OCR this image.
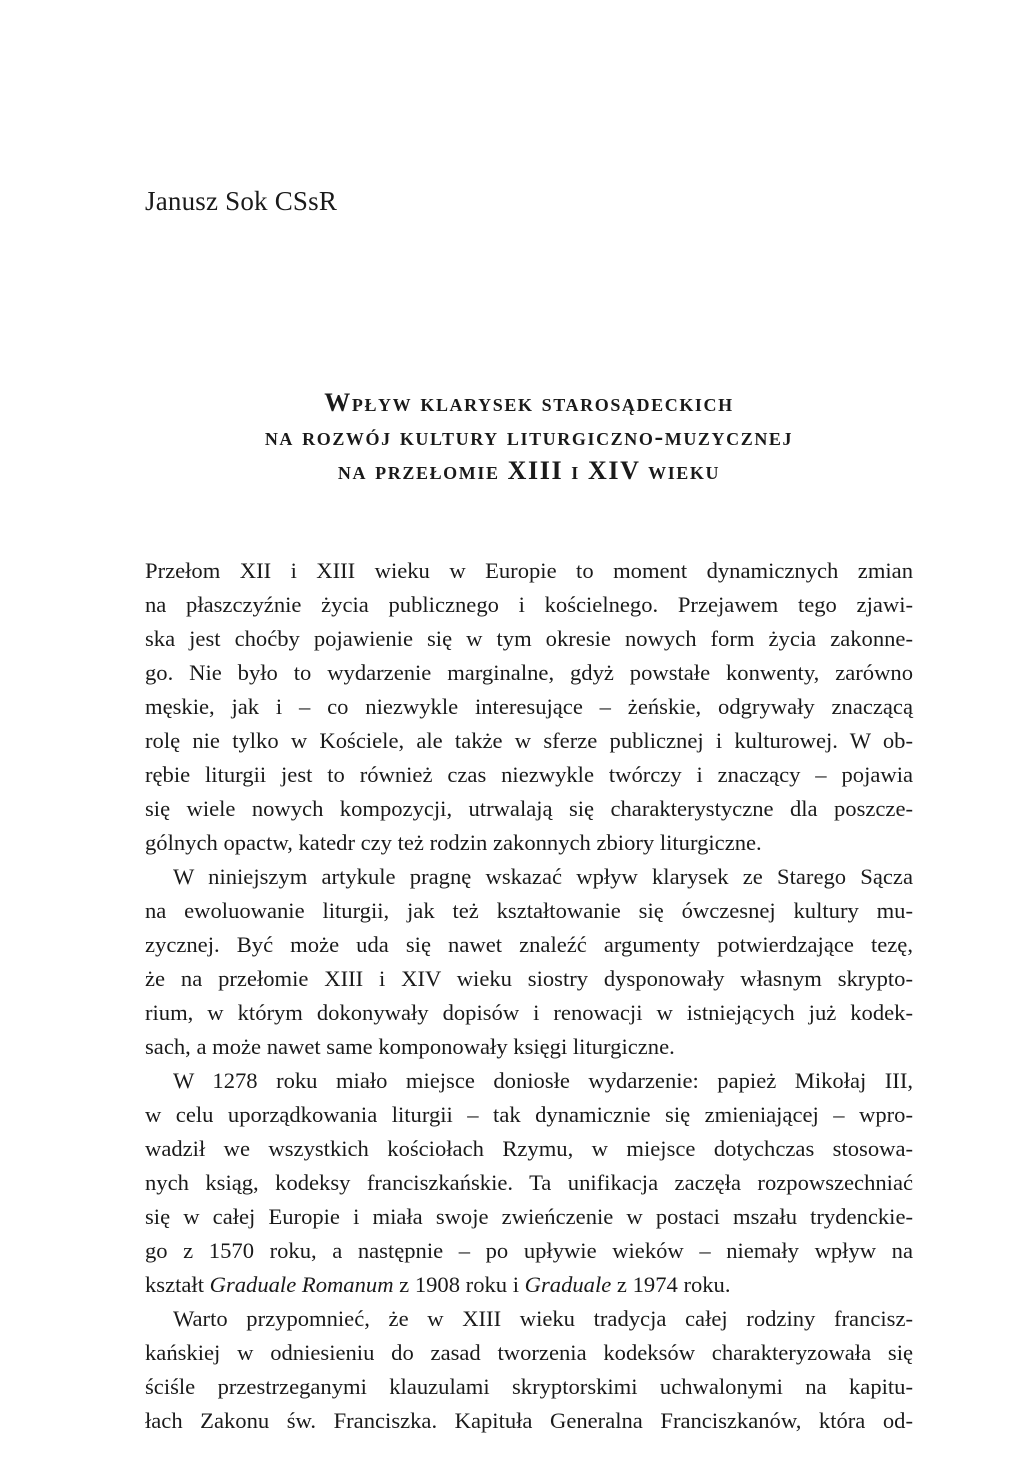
Janusz Sok CSsR
Wpływ klarysek starosądeckich
na rozwój kultury liturgiczno-muzycznej
na przełomie XIII i XIV wieku

Przełom XII i XIII wieku w Europie to moment dynamicznych zmian
na płaszczyźnie życia publicznego i kościelnego. Przejawem tego zjawi-
ska jest choćby pojawienie się w tym okresie nowych form życia zakonne-
go. Nie było to wydarzenie marginalne, gdyż powstałe konwenty, zarówno
męskie, jak i – co niezwykle interesujące – żeńskie, odgrywały znaczącą
rolę nie tylko w Kościele, ale także w sferze publicznej i kulturowej. W ob-
rębie liturgii jest to również czas niezwykle twórczy i znaczący – pojawia
się wiele nowych kompozycji, utrwalają się charakterystyczne dla poszcze-
gólnych opactw, katedr czy też rodzin zakonnych zbiory liturgiczne.

W niniejszym artykule pragnę wskazać wpływ klarysek ze Starego Sącza
na ewoluowanie liturgii, jak też kształtowanie się ówczesnej kultury mu-
zycznej. Być może uda się nawet znaleźć argumenty potwierdzające tezę,
że na przełomie XIII i XIV wieku siostry dysponowały własnym skrypto-
rium, w którym dokonywały dopisów i renowacji w istniejących już kodek-
sach, a może nawet same komponowały księgi liturgiczne.

W 1278 roku miało miejsce doniosłe wydarzenie: papież Mikołaj III,
w celu uporządkowania liturgii – tak dynamicznie się zmieniającej – wpro-
wadził we wszystkich kościołach Rzymu, w miejsce dotychczas stosowa-
nych ksiąg, kodeksy franciszkańskie. Ta unifikacja zaczęła rozpowszechniać
się w całej Europie i miała swoje zwieńczenie w postaci mszału trydenckie-
go z 1570 roku, a następnie – po upływie wieków – niemały wpływ na
kształt Graduale Romanum z 1908 roku i Graduale z 1974 roku.

Warto przypomnieć, że w XIII wieku tradycja całej rodziny francisz-
kańskiej w odniesieniu do zasad tworzenia kodeksów charakteryzowała się
ściśle przestrzeganymi klauzulami skryptorskimi uchwalonymi na kapitu-
łach Zakonu św. Franciszka. Kapituła Generalna Franciszkanów, która od-
